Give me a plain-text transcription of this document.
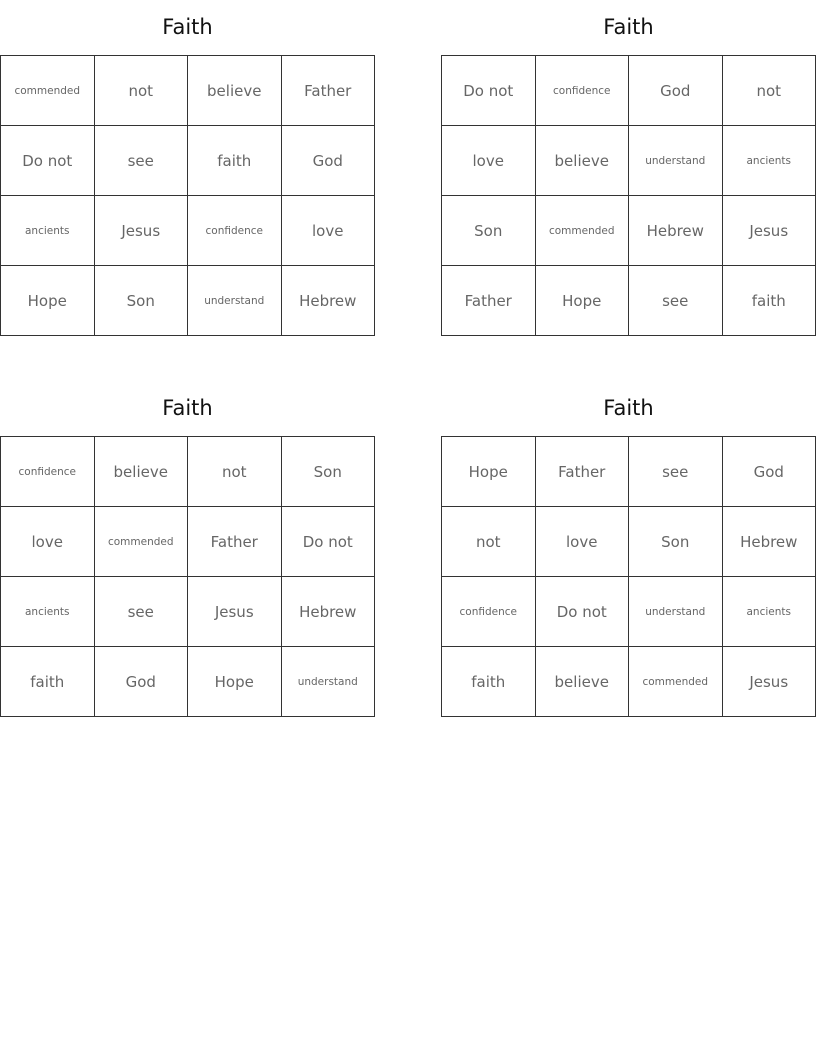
Faith
commended	not	believe	Father
Do not	see	faith	God
ancients	Jesus	confidence	love
Hope	Son	understand	Hebrew
Faith
Do not	confidence	God	not
love	believe	understand	ancients
Son	commended	Hebrew	Jesus
Father	Hope	see	faith
Faith
confidence	believe	not	Son
love	commended	Father	Do not
ancients	see	Jesus	Hebrew
faith	God	Hope	understand
Faith
Hope	Father	see	God
not	love	Son	Hebrew
confidence	Do not	understand	ancients
faith	believe	commended	Jesus
